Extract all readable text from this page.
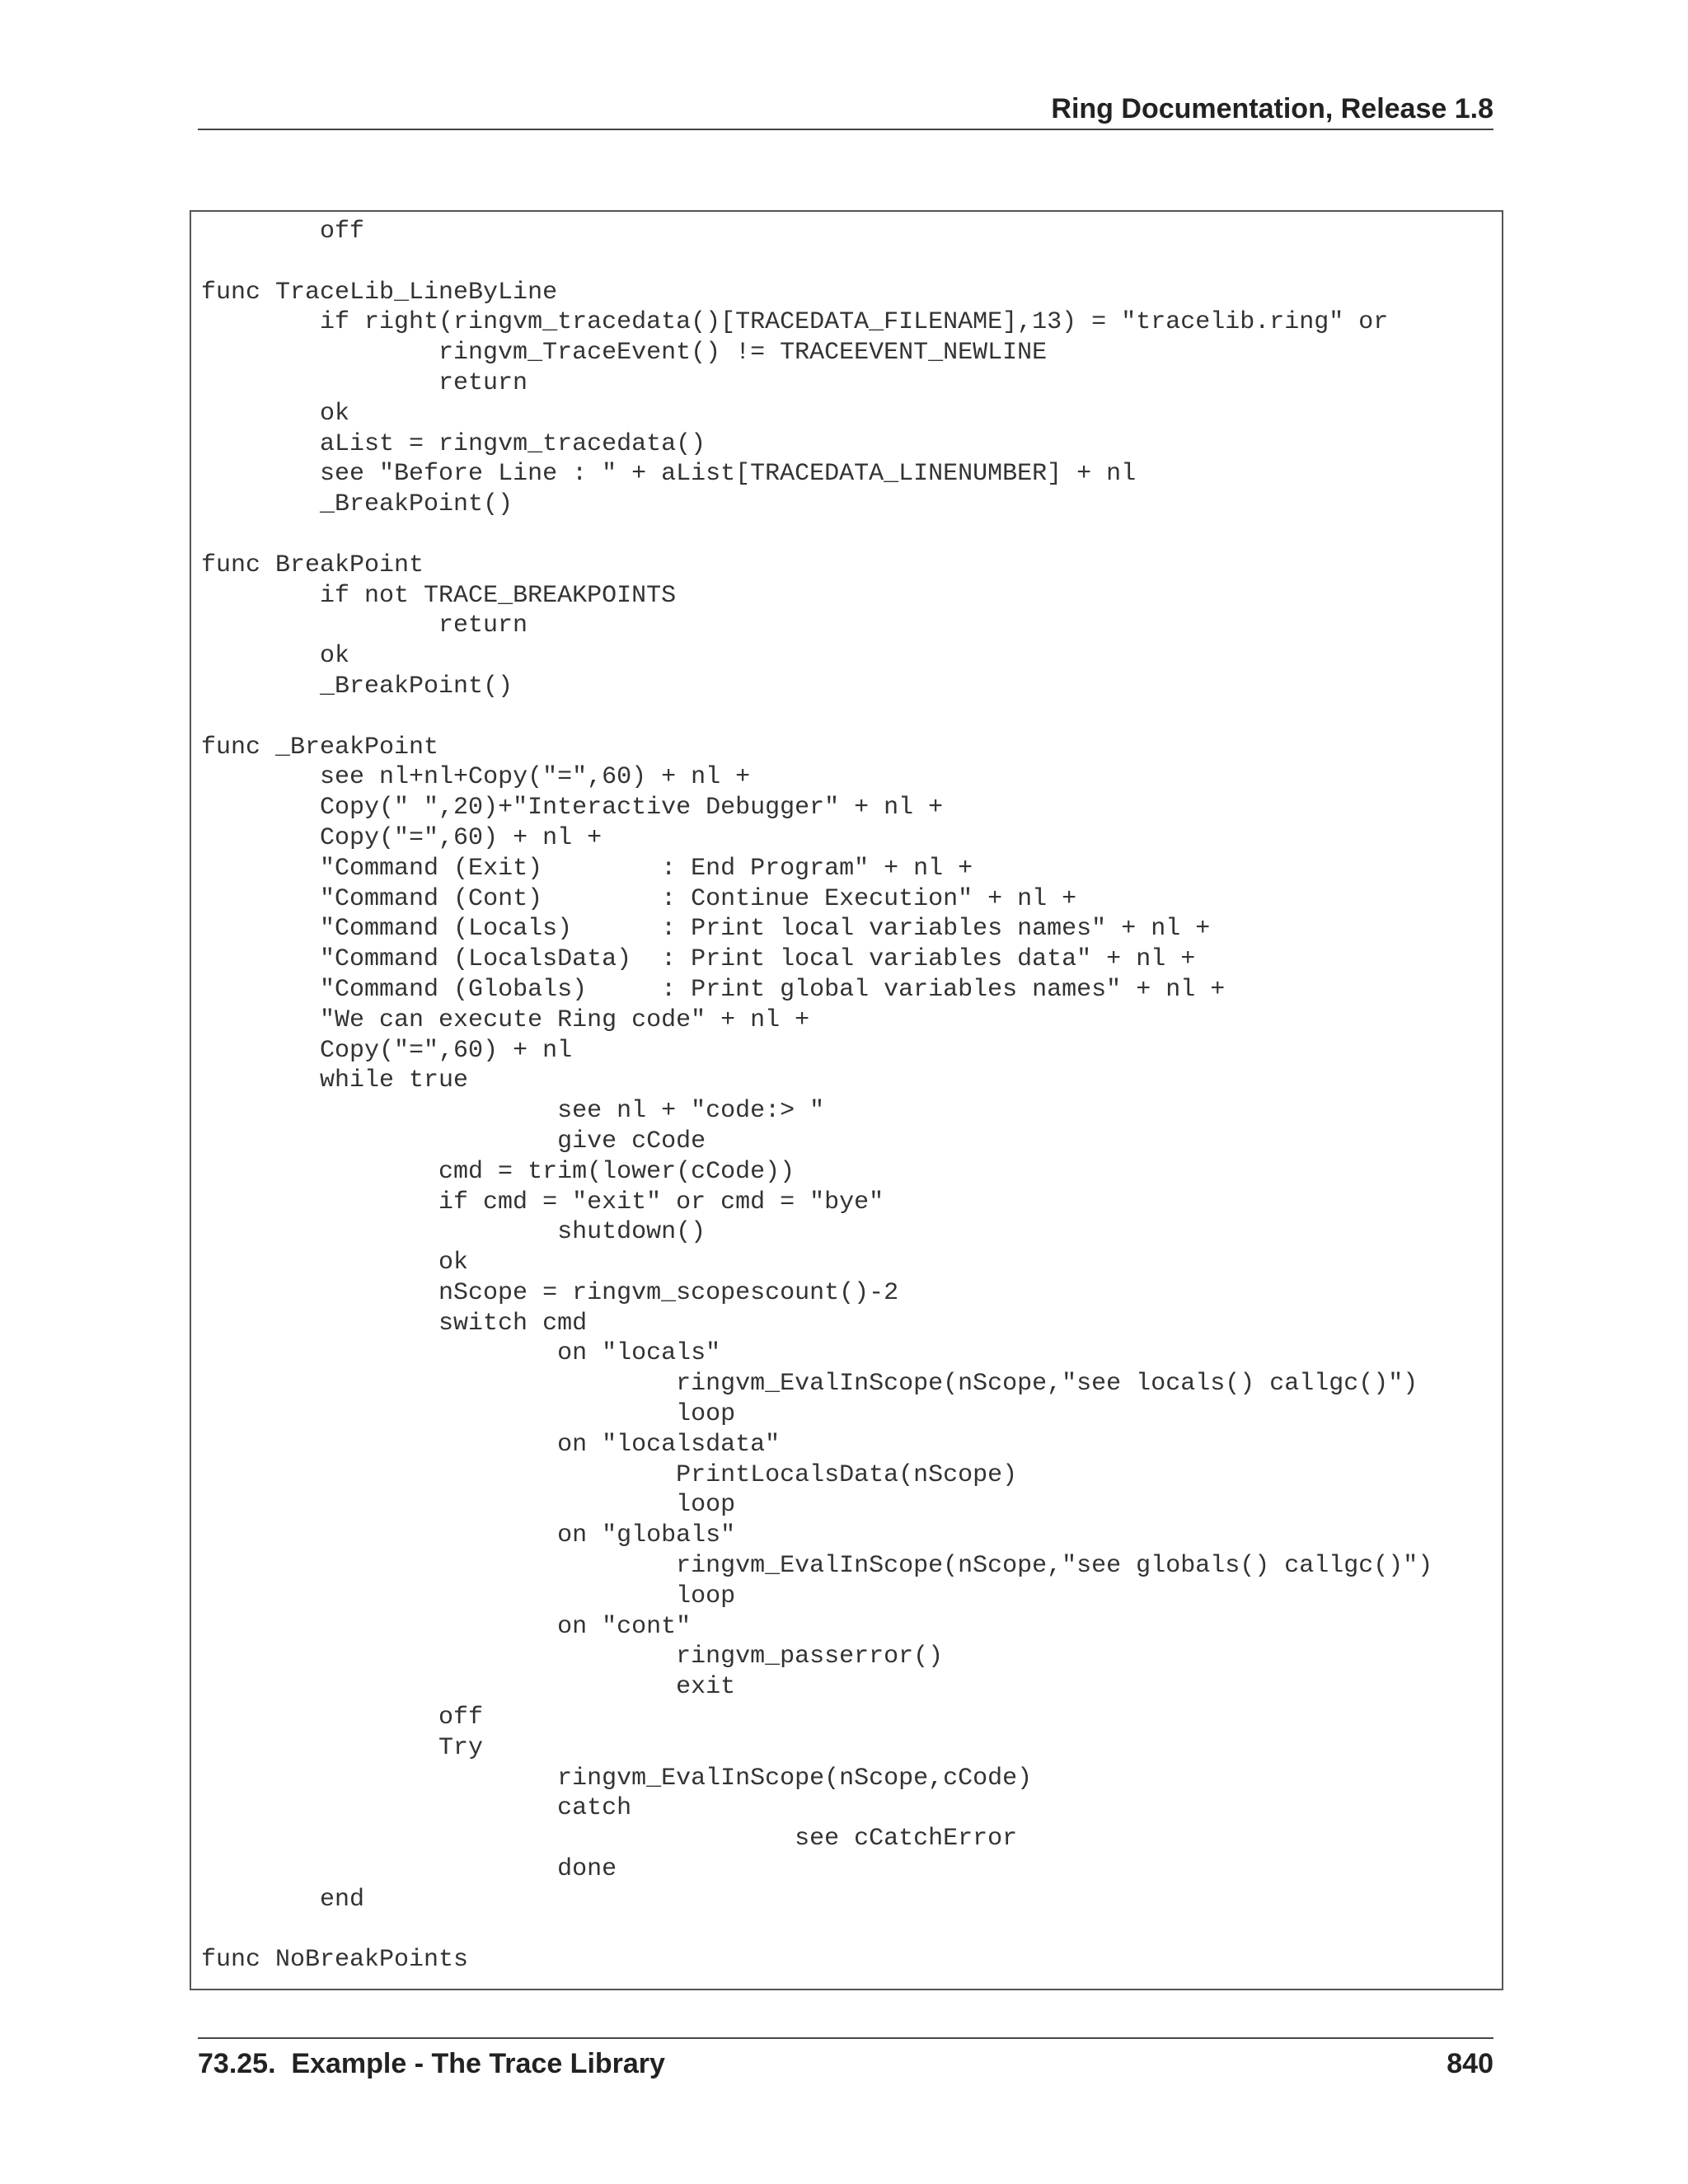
Ring Documentation, Release 1.8
	off

func TraceLib_LineByLine
	if right(ringvm_tracedata()[TRACEDATA_FILENAME],13) = "tracelib.ring" or
		ringvm_TraceEvent() != TRACEEVENT_NEWLINE
		return
	ok
	aList = ringvm_tracedata()
	see "Before Line : " + aList[TRACEDATA_LINENUMBER] + nl
	_BreakPoint()

func BreakPoint
	if not TRACE_BREAKPOINTS
		return
	ok
	_BreakPoint()

func _BreakPoint
	see nl+nl+Copy("=",60) + nl +
	Copy(" ",20)+"Interactive Debugger" + nl +
	Copy("=",60) + nl +
	"Command (Exit)        : End Program" + nl +
	"Command (Cont)        : Continue Execution" + nl +
	"Command (Locals)      : Print local variables names" + nl +
	"Command (LocalsData)  : Print local variables data" + nl +
	"Command (Globals)     : Print global variables names" + nl +
	"We can execute Ring code" + nl +
	Copy("=",60) + nl
	while true
			see nl + "code:> "
			give cCode
		cmd = trim(lower(cCode))
		if cmd = "exit" or cmd = "bye"
			shutdown()
		ok
		nScope = ringvm_scopescount()-2
		switch cmd
			on "locals"
				ringvm_EvalInScope(nScope,"see locals() callgc()")
				loop
			on "localsdata"
				PrintLocalsData(nScope)
				loop
			on "globals"
				ringvm_EvalInScope(nScope,"see globals() callgc()")
				loop
			on "cont"
				ringvm_passerror()
				exit
		off
		Try
			ringvm_EvalInScope(nScope,cCode)
			catch
					see cCatchError
			done
	end

func NoBreakPoints
73.25.  Example - The Trace Library	840
